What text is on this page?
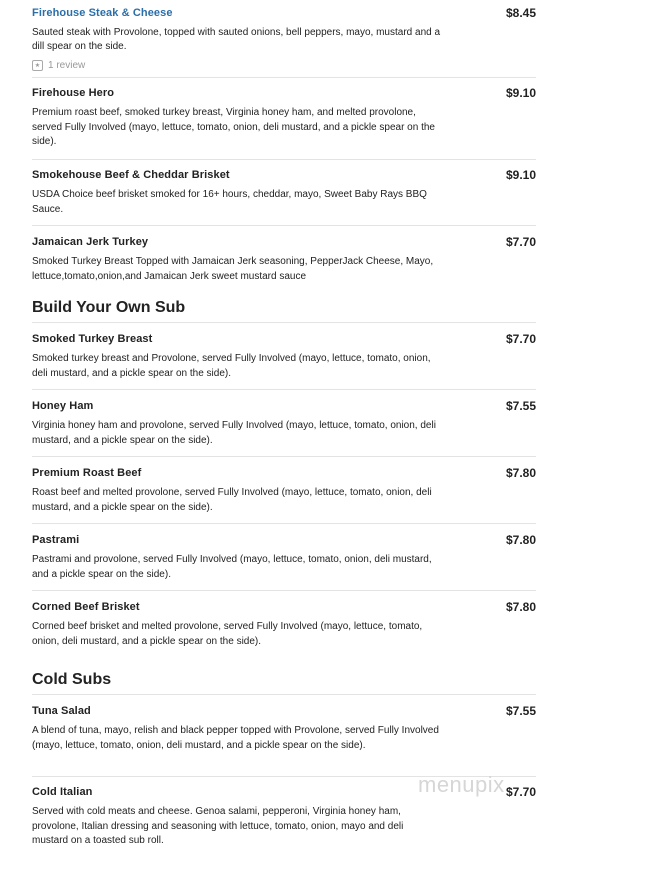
Firehouse Steak & Cheese	$8.45
Sauted steak with Provolone, topped with sauted onions, bell peppers, mayo, mustard and a dill spear on the side.
★ 1 review
Firehouse Hero	$9.10
Premium roast beef, smoked turkey breast, Virginia honey ham, and melted provolone, served Fully Involved (mayo, lettuce, tomato, onion, deli mustard, and a pickle spear on the side).
Smokehouse Beef & Cheddar Brisket	$9.10
USDA Choice beef brisket smoked for 16+ hours, cheddar, mayo, Sweet Baby Rays BBQ Sauce.
Jamaican Jerk Turkey	$7.70
Smoked Turkey Breast Topped with Jamaican Jerk seasoning, PepperJack Cheese, Mayo, lettuce,tomato,onion,and Jamaican Jerk sweet mustard sauce
Build Your Own Sub
Smoked Turkey Breast	$7.70
Smoked turkey breast and Provolone, served Fully Involved (mayo, lettuce, tomato, onion, deli mustard, and a pickle spear on the side).
Honey Ham	$7.55
Virginia honey ham and provolone, served Fully Involved (mayo, lettuce, tomato, onion, deli mustard, and a pickle spear on the side).
Premium Roast Beef	$7.80
Roast beef and melted provolone, served Fully Involved (mayo, lettuce, tomato, onion, deli mustard, and a pickle spear on the side).
Pastrami	$7.80
Pastrami and provolone, served Fully Involved (mayo, lettuce, tomato, onion, deli mustard, and a pickle spear on the side).
Corned Beef Brisket	$7.80
Corned beef brisket and melted provolone, served Fully Involved (mayo, lettuce, tomato, onion, deli mustard, and a pickle spear on the side).
Cold Subs
Tuna Salad	$7.55
A blend of tuna, mayo, relish and black pepper topped with Provolone, served Fully Involved (mayo, lettuce, tomato, onion, deli mustard, and a pickle spear on the side).
Cold Italian	$7.70
Served with cold meats and cheese. Genoa salami, pepperoni, Virginia honey ham, provolone, Italian dressing and seasoning with lettuce, tomato, onion, mayo and deli mustard on a toasted sub roll.
menupix
